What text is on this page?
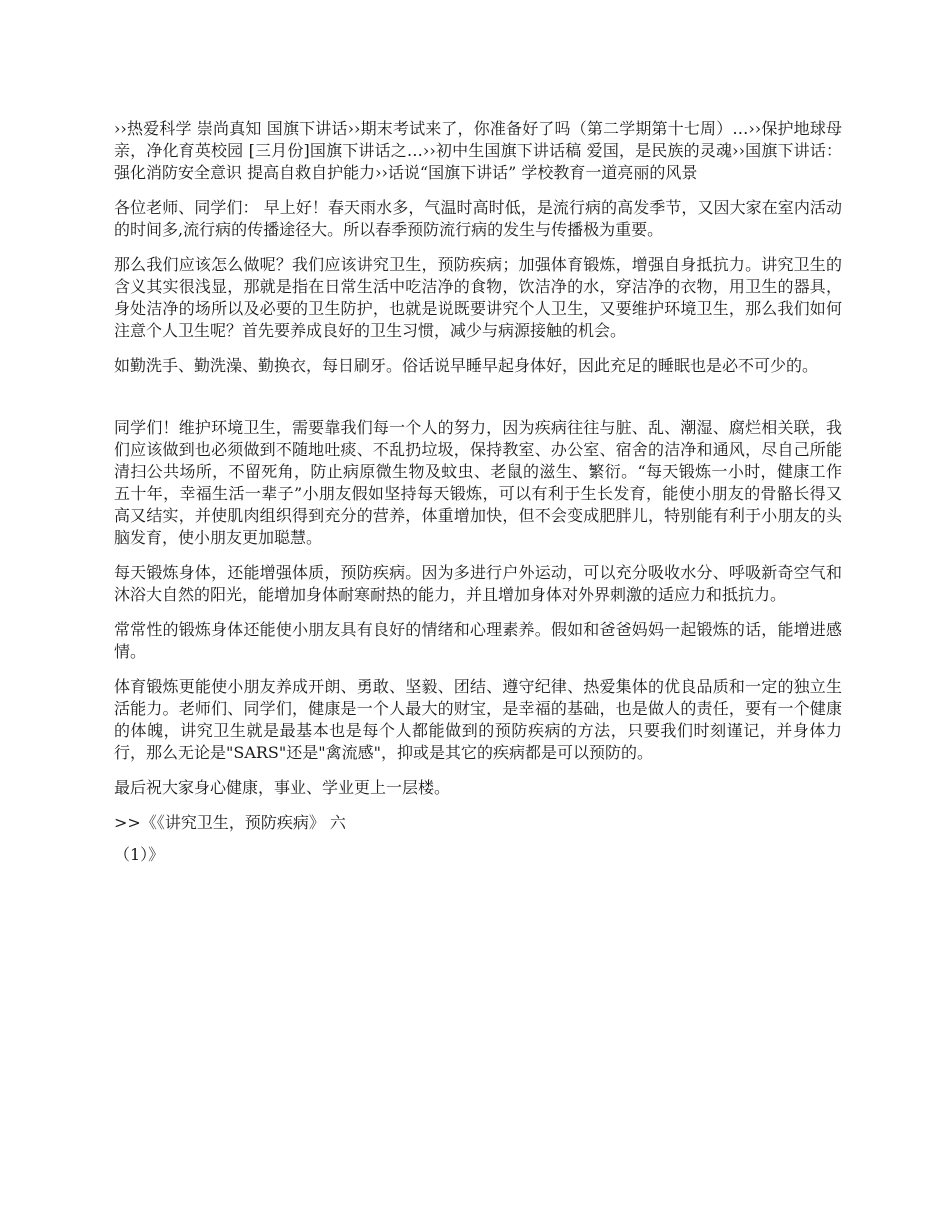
››热爱科学 崇尚真知 国旗下讲话››期末考试来了，你准备好了吗（第二学期第十七周）…››保护地球母亲，净化育英校园 [三月份]国旗下讲话之…››初中生国旗下讲话稿 爱国，是民族的灵魂››国旗下讲话：强化消防安全意识 提高自救自护能力››话说“国旗下讲话” 学校教育一道亮丽的风景

各位老师、同学们： 早上好！春天雨水多，气温时高时低，是流行病的高发季节，又因大家在室内活动的时间多,流行病的传播途径大。所以春季预防流行病的发生与传播极为重要。

那么我们应该怎么做呢？我们应该讲究卫生，预防疾病；加强体育锻炼，增强自身抵抗力。讲究卫生的含义其实很浅显，那就是指在日常生活中吃洁净的食物，饮洁净的水，穿洁净的衣物，用卫生的器具，身处洁净的场所以及必要的卫生防护，也就是说既要讲究个人卫生，又要维护环境卫生，那么我们如何注意个人卫生呢？首先要养成良好的卫生习惯，减少与病源接触的机会。

如勤洗手、勤洗澡、勤换衣，每日刷牙。俗话说早睡早起身体好，因此充足的睡眠也是必不可少的。

同学们！维护环境卫生，需要靠我们每一个人的努力，因为疾病往往与脏、乱、潮湿、腐烂相关联，我们应该做到也必须做到不随地吐痰、不乱扔垃圾，保持教室、办公室、宿舍的洁净和通风，尽自己所能清扫公共场所，不留死角，防止病原微生物及蚊虫、老鼠的滋生、繁衍。“每天锻炼一小时，健康工作五十年，幸福生活一辈子”小朋友假如坚持每天锻炼，可以有利于生长发育，能使小朋友的骨骼长得又高又结实，并使肌肉组织得到充分的营养，体重增加快，但不会变成肥胖儿，特别能有利于小朋友的头脑发育，使小朋友更加聪慧。

每天锻炼身体，还能增强体质，预防疾病。因为多进行户外运动，可以充分吸收水分、呼吸新奇空气和沐浴大自然的阳光，能增加身体耐寒耐热的能力，并且增加身体对外界刺激的适应力和抵抗力。

常常性的锻炼身体还能使小朋友具有良好的情绪和心理素养。假如和爸爸妈妈一起锻炼的话，能增进感情。

体育锻炼更能使小朋友养成开朗、勇敢、坚毅、团结、遵守纪律、热爱集体的优良品质和一定的独立生活能力。老师们、同学们，健康是一个人最大的财宝，是幸福的基础，也是做人的责任，要有一个健康的体魄，讲究卫生就是最基本也是每个人都能做到的预防疾病的方法，只要我们时刻谨记，并身体力行，那么无论是"SARS"还是"禽流感"，抑或是其它的疾病都是可以预防的。

最后祝大家身心健康，事业、学业更上一层楼。

>>《《讲究卫生，预防疾病》 六

（1）》
